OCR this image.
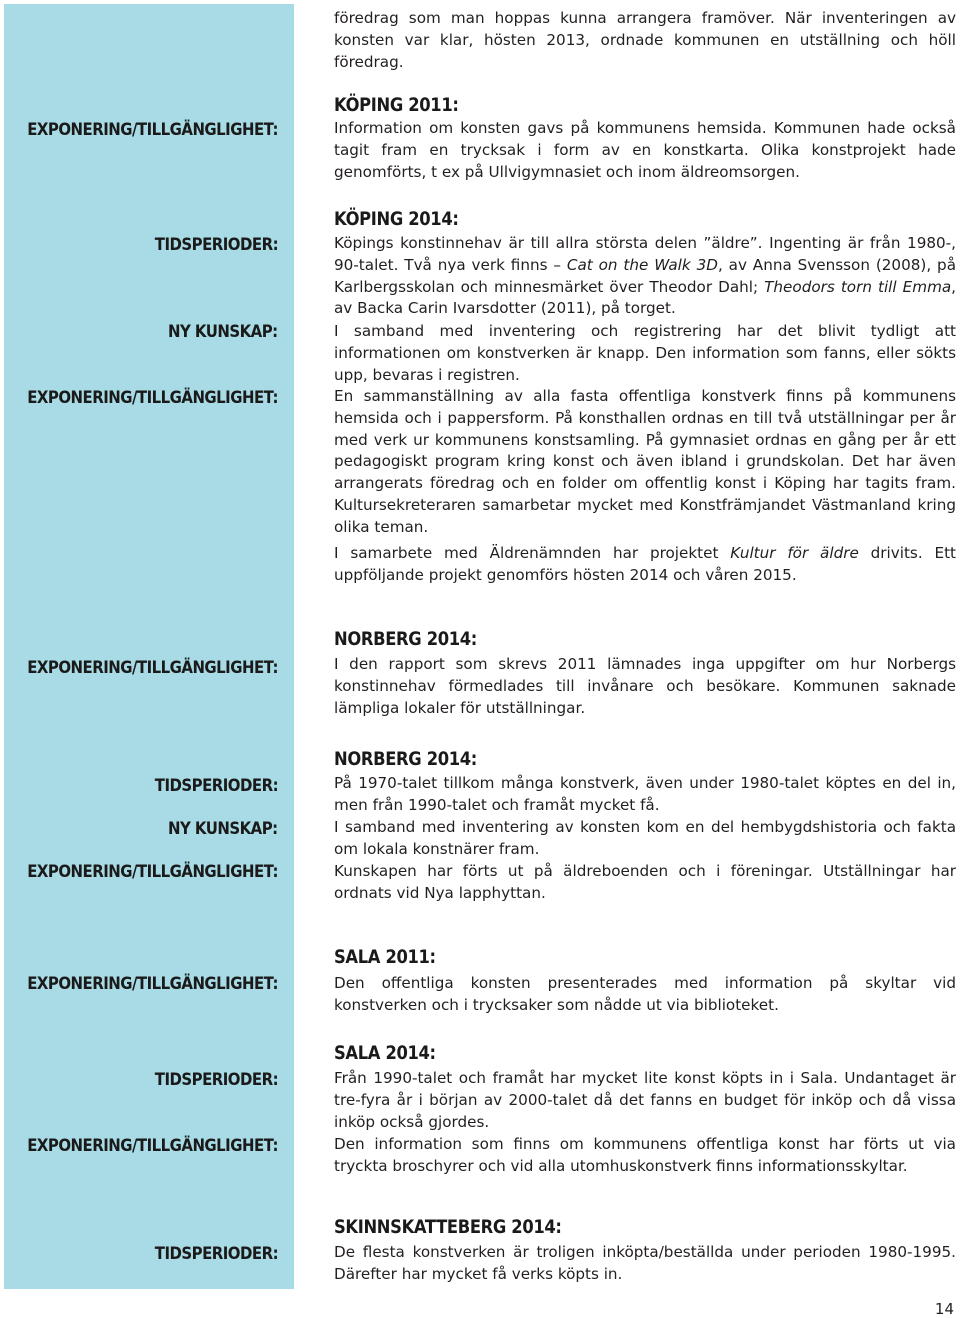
föredrag som man hoppas kunna arrangera framöver. När inventeringen av konsten var klar, hösten 2013, ordnade kommunen en utställning och höll föredrag.

EXPONERING/TILLGÄNGLIGHET:
TIDSPERIODER:
NY KUNSKAP:
EXPONERING/TILLGÄNGLIGHET:
EXPONERING/TILLGÄNGLIGHET:
TIDSPERIODER:
NY KUNSKAP:
EXPONERING/TILLGÄNGLIGHET:
EXPONERING/TILLGÄNGLIGHET:
TIDSPERIODER:
EXPONERING/TILLGÄNGLIGHET:
TIDSPERIODER:
KÖPING 2011:

Information om konsten gavs på kommunens hemsida. Kommunen hade också tagit fram en trycksak i form av en konstkarta. Olika konstprojekt hade genomförts, t ex på Ullvigymnasiet och inom äldreomsorgen.

KÖPING 2014:

Köpings konstinnehav är till allra största delen ”äldre”. Ingenting är från 1980-, 90-talet. Två nya verk finns – Cat on the Walk 3D, av Anna Svensson (2008), på Karlbergsskolan och minnesmärket över Theodor Dahl; Theodors torn till Emma, av Backa Carin Ivarsdotter (2011), på torget.

I samband med inventering och registrering har det blivit tydligt att informationen om konstverken är knapp. Den information som fanns, eller sökts upp, bevaras i registren.

En sammanställning av alla fasta offentliga konstverk finns på kommunens hemsida och i pappersform. På konsthallen ordnas en till två utställningar per år med verk ur kommunens konstsamling. På gymnasiet ordnas en gång per år ett pedagogiskt program kring konst och även ibland i grundskolan. Det har även arrangerats föredrag och en folder om offentlig konst i Köping har tagits fram. Kultursekreteraren samarbetar mycket med Konstfrämjandet Västmanland kring olika teman.

I samarbete med Äldrenämnden har projektet Kultur för äldre drivits. Ett uppföljande projekt genomförs hösten 2014 och våren 2015.

NORBERG 2014:

I den rapport som skrevs 2011 lämnades inga uppgifter om hur Norbergs konstinnehav förmedlades till invånare och besökare. Kommunen saknade lämpliga lokaler för utställningar.

NORBERG 2014:

På 1970-talet tillkom många konstverk, även under 1980-talet köptes en del in, men från 1990-talet och framåt mycket få.

I samband med inventering av konsten kom en del hembygdshistoria och fakta om lokala konstnärer fram.

Kunskapen har förts ut på äldreboenden och i föreningar. Utställningar har ordnats vid Nya lapphyttan.

SALA 2011:

Den offentliga konsten presenterades med information på skyltar vid konstverken och i trycksaker som nådde ut via biblioteket.

SALA 2014:

Från 1990-talet och framåt har mycket lite konst köpts in i Sala. Undantaget är tre-fyra år i början av 2000-talet då det fanns en budget för inköp och då vissa inköp också gjordes.

Den information som finns om kommunens offentliga konst har förts ut via tryckta broschyrer och vid alla utomhuskonstverk finns informationsskyltar.

SKINNSKATTEBERG 2014:

De flesta konstverken är troligen inköpta/beställda under perioden 1980-1995. Därefter har mycket få verks köpts in.

14
